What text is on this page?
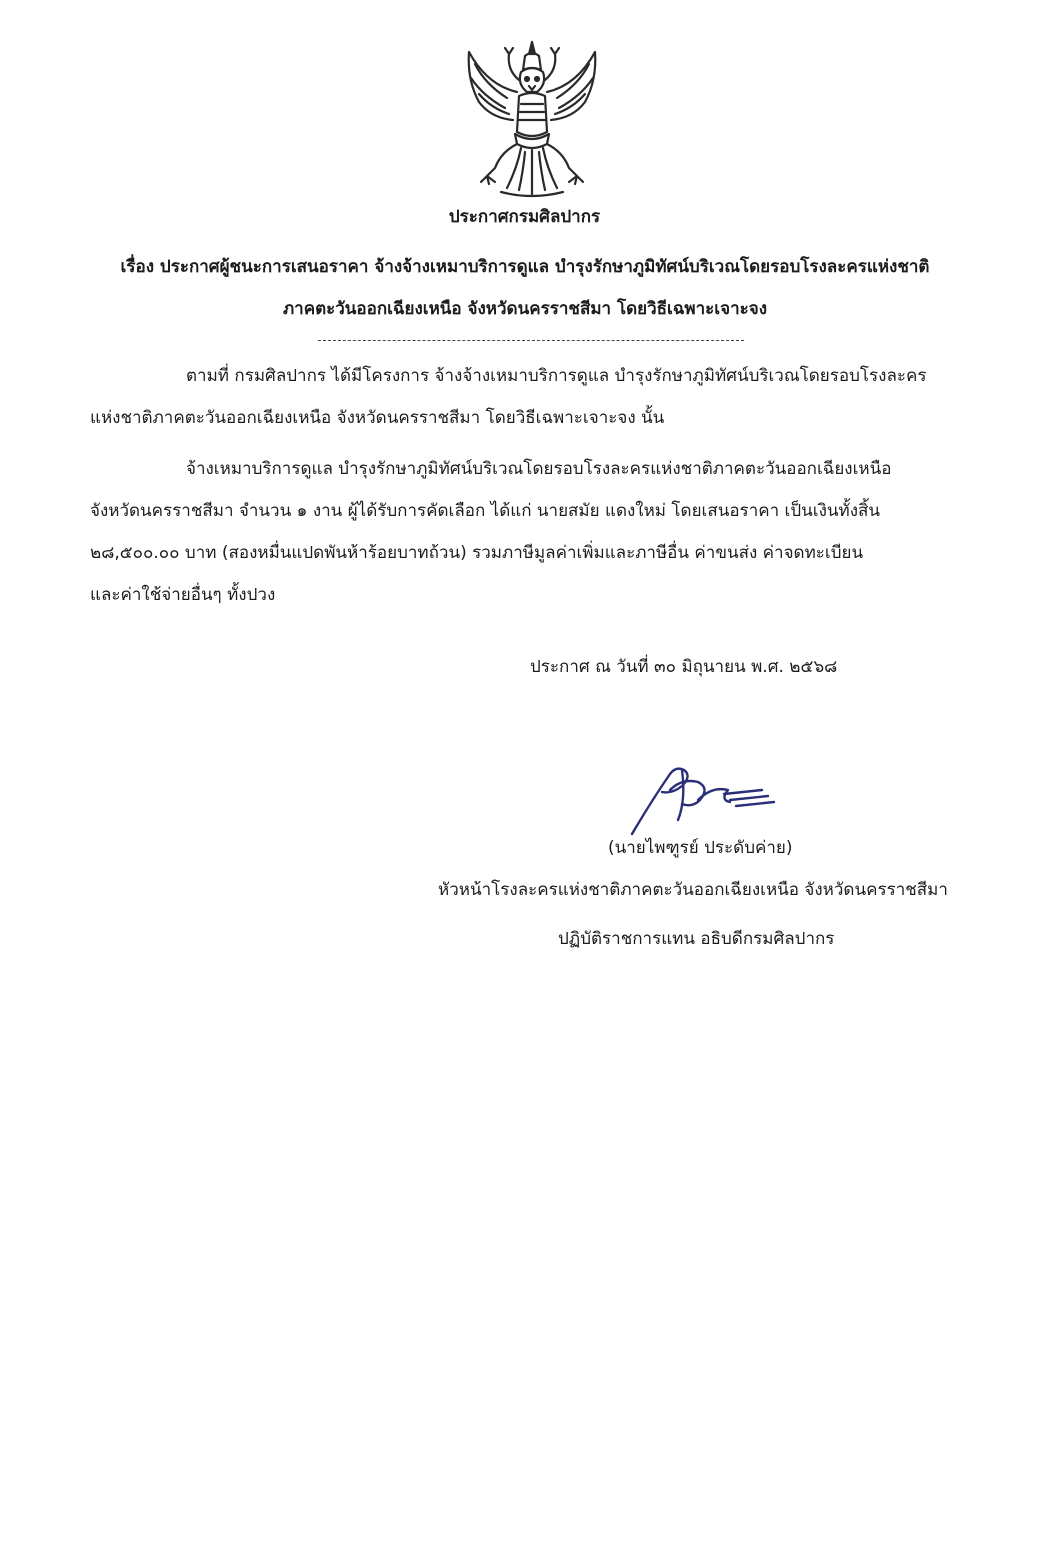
ประกาศกรมศิลปากร
เรื่อง ประกาศผู้ชนะการเสนอราคา จ้างจ้างเหมาบริการดูแล บำรุงรักษาภูมิทัศน์บริเวณโดยรอบโรงละครแห่งชาติ
ภาคตะวันออกเฉียงเหนือ จังหวัดนครราชสีมา โดยวิธีเฉพาะเจาะจง
ตามที่ กรมศิลปากร ได้มีโครงการ จ้างจ้างเหมาบริการดูแล บำรุงรักษาภูมิทัศน์บริเวณโดยรอบโรงละคร
แห่งชาติภาคตะวันออกเฉียงเหนือ จังหวัดนครราชสีมา โดยวิธีเฉพาะเจาะจง นั้น
จ้างเหมาบริการดูแล บำรุงรักษาภูมิทัศน์บริเวณโดยรอบโรงละครแห่งชาติภาคตะวันออกเฉียงเหนือ
จังหวัดนครราชสีมา จำนวน ๑ งาน ผู้ได้รับการคัดเลือก ได้แก่ นายสมัย แดงใหม่ โดยเสนอราคา เป็นเงินทั้งสิ้น
๒๘,๕๐๐.๐๐ บาท (สองหมื่นแปดพันห้าร้อยบาทถ้วน) รวมภาษีมูลค่าเพิ่มและภาษีอื่น ค่าขนส่ง ค่าจดทะเบียน
และค่าใช้จ่ายอื่นๆ ทั้งปวง
ประกาศ ณ วันที่ ๓๐ มิถุนายน พ.ศ. ๒๕๖๘
(นายไพฑูรย์ ประดับค่าย)
หัวหน้าโรงละครแห่งชาติภาคตะวันออกเฉียงเหนือ จังหวัดนครราชสีมา
ปฏิบัติราชการแทน อธิบดีกรมศิลปากร
